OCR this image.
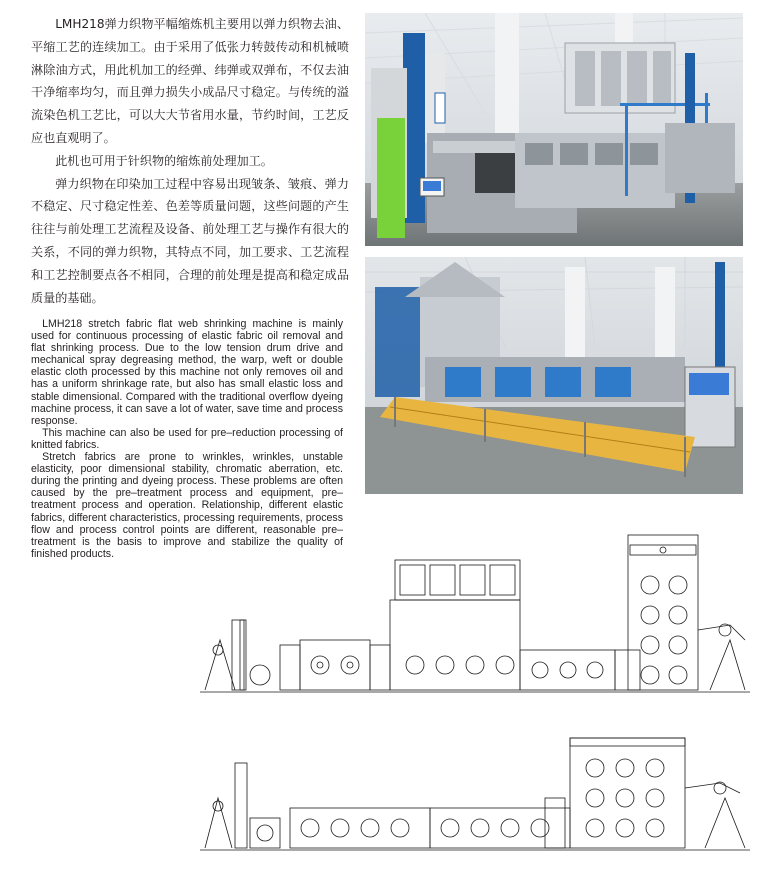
LMH218弹力织物平幅缩炼机主要用以弹力织物去油、平缩工艺的连续加工。由于采用了低张力转鼓传动和机械喷淋除油方式，用此机加工的经弹、纬弹或双弹布，不仅去油干净缩率均匀，而且弹力损失小成品尺寸稳定。与传统的溢流染色机工艺比，可以大大节省用水量，节约时间，工艺反应也直观明了。

此机也可用于针织物的缩炼前处理加工。

弹力织物在印染加工过程中容易出现皱条、皱痕、弹力不稳定、尺寸稳定性差、色差等质量问题，这些问题的产生往往与前处理工艺流程及设备、前处理工艺与操作有很大的关系，不同的弹力织物，其特点不同，加工要求、工艺流程和工艺控制要点各不相同，合理的前处理是提高和稳定成品质量的基础。

LMH218 stretch fabric flat web shrinking machine is mainly used for continuous processing of elastic fabric oil removal and flat shrinking process. Due to the low tension drum drive and mechanical spray degreasing method, the warp, weft or double elastic cloth processed by this machine not only removes oil and has a uniform shrinkage rate, but also has small elastic loss and stable dimensional. Compared with the traditional overflow dyeing machine process, it can save a lot of water, save time and process response.

This machine can also be used for pre–reduction processing of knitted fabrics.

Stretch fabrics are prone to wrinkles, wrinkles, unstable elasticity, poor dimensional stability, chromatic aberration, etc. during the printing and dyeing process. These problems are often caused by the pre–treatment process and equipment, pre–treatment process and operation. Relationship, different elastic fabrics, different characteristics, processing requirements, process flow and process control points are different, reasonable pre–treatment is the basis to improve and stabilize the quality of finished products.
